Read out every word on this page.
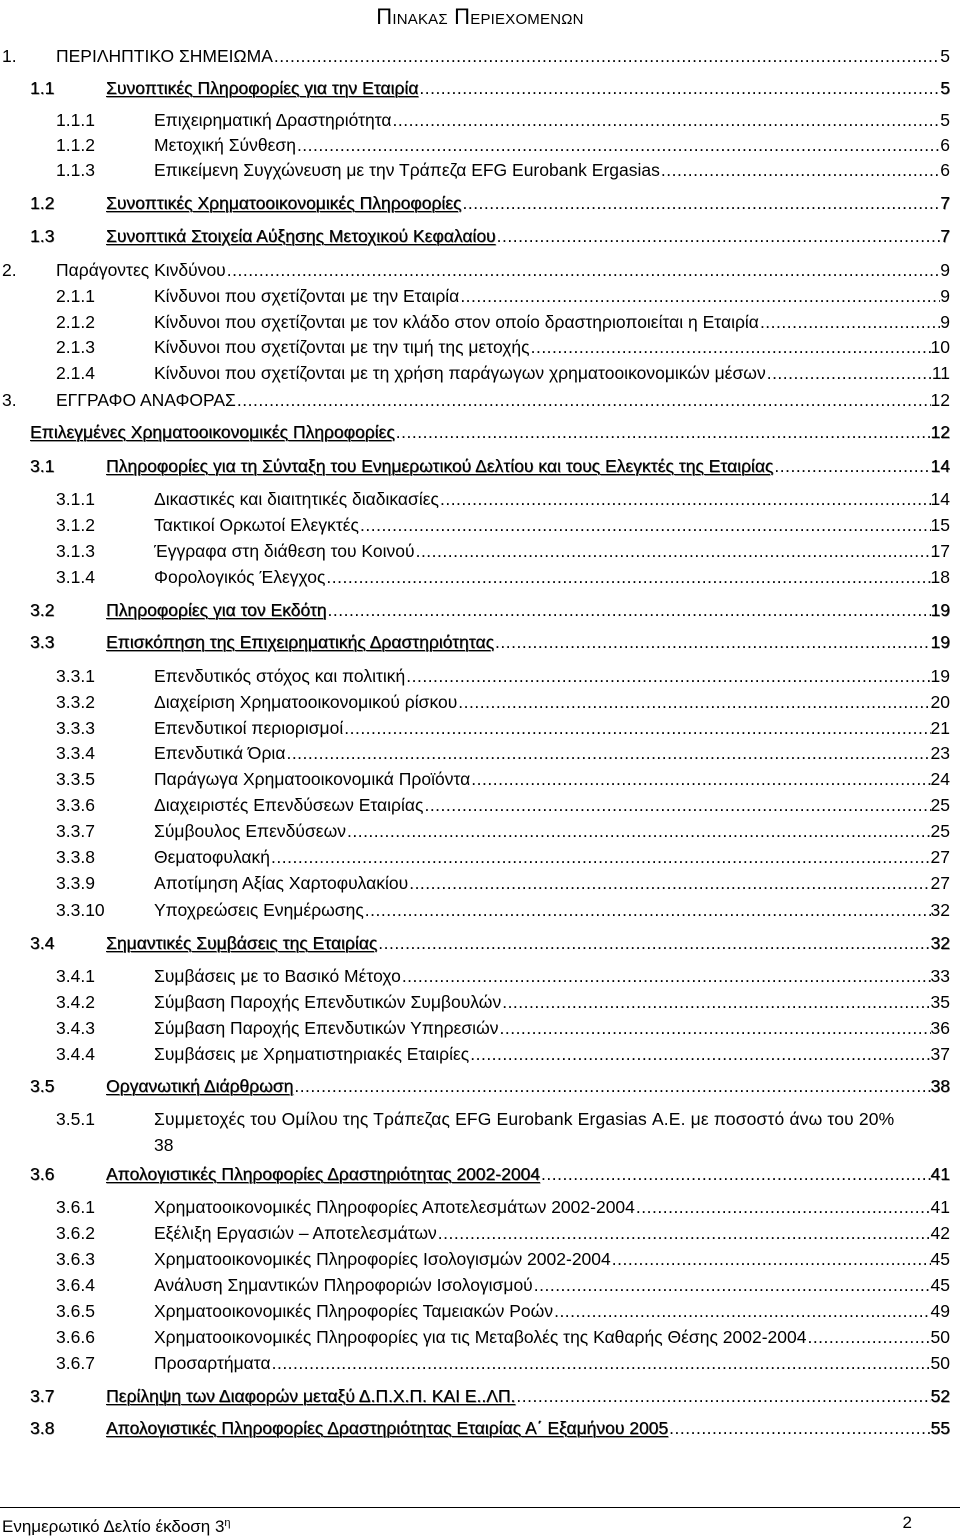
Πινακας Περιεχομενων
1. ΠΕΡΙΛΗΠΤΙΚΟ ΣΗΜΕΙΩΜΑ .....	5
1.1	Συνοπτικές Πληροφορίες για την Εταιρία .....	5
1.1.1	Επιχειρηματική Δραστηριότητα .....	5
1.1.2	Μετοχική Σύνθεση .....	6
1.1.3	Επικείμενη Συγχώνευση με την Τράπεζα EFG Eurobank Ergasias .....	6
1.2	Συνοπτικές Χρηματοοικονομικές Πληροφορίες .....	7
1.3	Συνοπτικά Στοιχεία Αύξησης Μετοχικού Κεφαλαίου .....	7
2. Παράγοντες Κινδύνου .....	9
2.1.1	Κίνδυνοι που σχετίζονται με την Εταιρία .....	9
2.1.2	Κίνδυνοι που σχετίζονται με τον κλάδο στον οποίο δραστηριοποιείται η Εταιρία .....	9
2.1.3	Κίνδυνοι που σχετίζονται με την τιμή της μετοχής .....	10
2.1.4	Κίνδυνοι που σχετίζονται με τη χρήση παράγωγων χρηματοοικονομικών μέσων .....	11
3. ΕΓΓΡΑΦΟ ΑΝΑΦΟΡΑΣ .....	12
Επιλεγμένες Χρηματοοικονομικές Πληροφορίες .....	12
3.1	Πληροφορίες για τη Σύνταξη του Ενημερωτικού Δελτίου και τους Ελεγκτές της Εταιρίας .....	14
3.1.1	Δικαστικές και διαιτητικές διαδικασίες .....	14
3.1.2	Τακτικοί Ορκωτοί Ελεγκτές .....	15
3.1.3	Έγγραφα στη διάθεση του Κοινού .....	17
3.1.4	Φορολογικός Έλεγχος .....	18
3.2	Πληροφορίες για τον Εκδότη .....	19
3.3	Επισκόπηση της Επιχειρηματικής Δραστηριότητας .....	19
3.3.1	Επενδυτικός στόχος και πολιτική .....	19
3.3.2	Διαχείριση Χρηματοοικονομικού ρίσκου .....	20
3.3.3	Επενδυτικοί περιορισμοί .....	21
3.3.4	Επενδυτικά Όρια .....	23
3.3.5	Παράγωγα Χρηματοοικονομικά Προϊόντα .....	24
3.3.6	Διαχειριστές Επενδύσεων Εταιρίας .....	25
3.3.7	Σύμβουλος Επενδύσεων .....	25
3.3.8	Θεματοφυλακή .....	27
3.3.9	Αποτίμηση Αξίας Χαρτοφυλακίου .....	27
3.3.10	Υποχρεώσεις Ενημέρωσης .....	32
3.4	Σημαντικές Συμβάσεις της Εταιρίας .....	32
3.4.1	Συμβάσεις με το Βασικό Μέτοχο .....	33
3.4.2	Σύμβαση Παροχής Επενδυτικών Συμβουλών .....	35
3.4.3	Σύμβαση Παροχής Επενδυτικών Υπηρεσιών .....	36
3.4.4	Συμβάσεις με Χρηματιστηριακές Εταιρίες .....	37
3.5	Οργανωτική Διάρθρωση .....	38
3.5.1	Συμμετοχές του Ομίλου της Τράπεζας EFG Eurobank Ergasias Α.Ε. με ποσοστό άνω του 20%
38
3.6	Απολογιστικές Πληροφορίες Δραστηριότητας 2002-2004 .....	41
3.6.1	Χρηματοοικονομικές Πληροφορίες Αποτελεσμάτων 2002-2004 .....	41
3.6.2	Εξέλιξη Εργασιών – Αποτελεσμάτων .....	42
3.6.3	Χρηματοοικονομικές Πληροφορίες Ισολογισμών 2002-2004 .....	45
3.6.4	Ανάλυση Σημαντικών Πληροφοριών Ισολογισμού .....	45
3.6.5	Χρηματοοικονομικές Πληροφορίες Ταμειακών Ροών .....	49
3.6.6	Χρηματοοικονομικές Πληροφορίες για τις Μεταβολές της Καθαρής Θέσης 2002-2004 .....	50
3.6.7	Προσαρτήματα .....	50
3.7	Περίληψη των Διαφορών μεταξύ Δ.Π.Χ.Π. ΚΑΙ Ε..ΛΠ. .....	52
3.8	Απολογιστικές Πληροφορίες Δραστηριότητας Εταιρίας Α΄ Εξαμήνου 2005 .....	55
Ενημερωτικό Δελτίο έκδοση $3^\eta$	2
